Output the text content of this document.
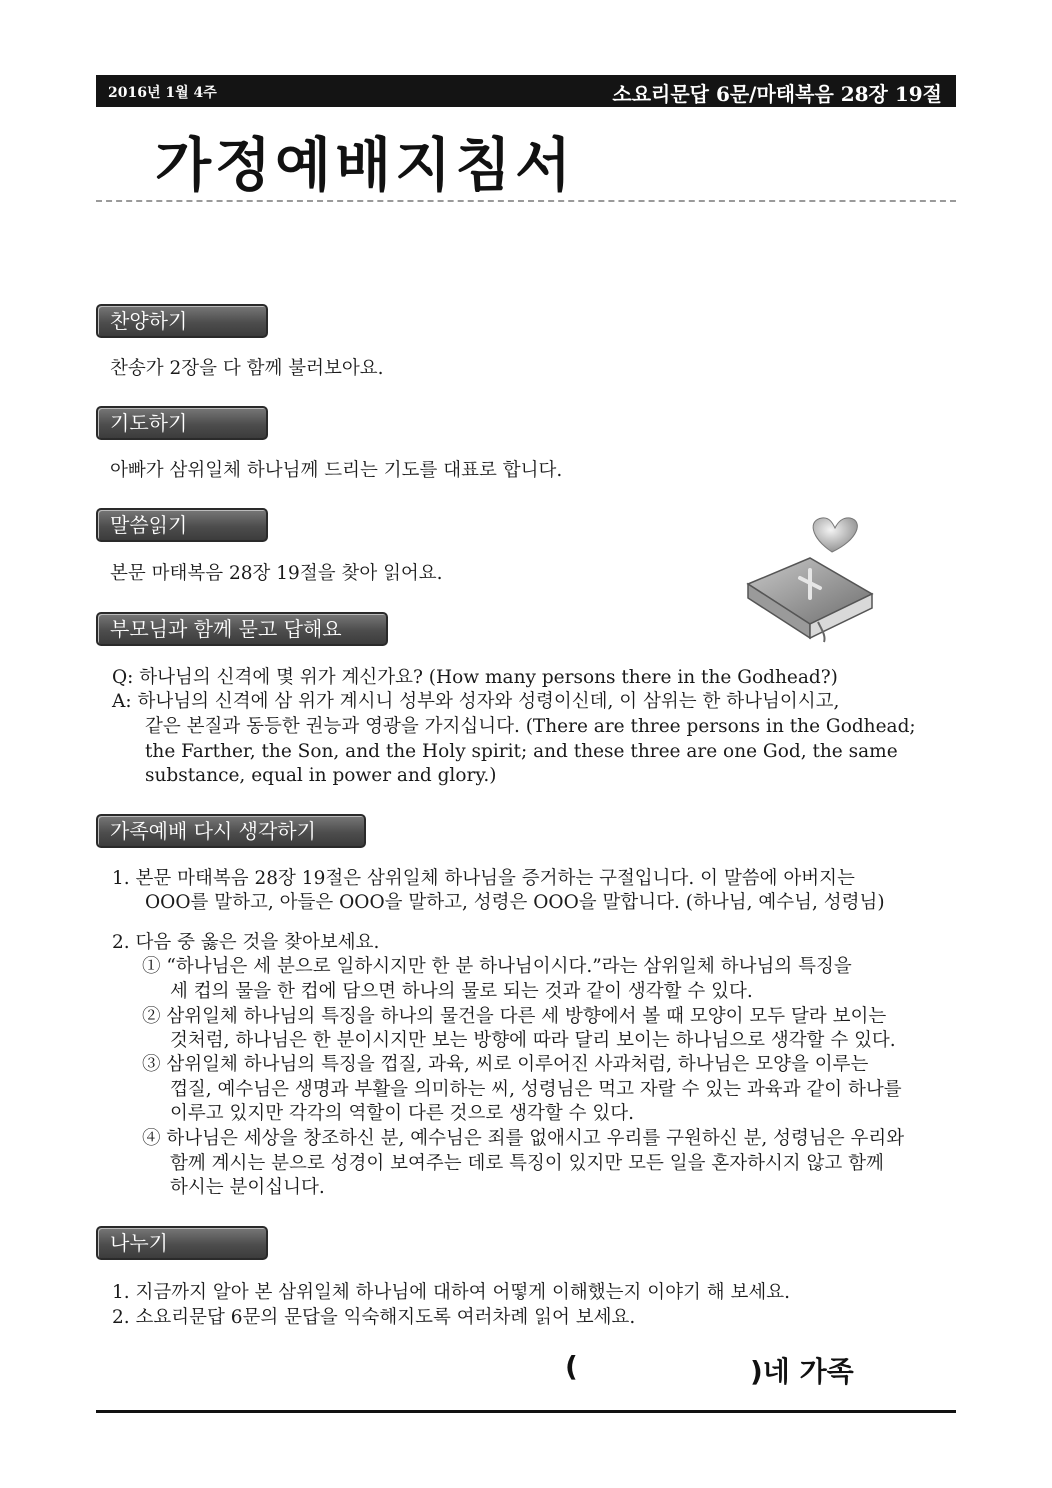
2016년 1월 4주	소요리문답 6문/마태복음 28장 19절
가정예배지침서
찬양하기
찬송가 2장을 다 함께 불러보아요.
기도하기
아빠가 삼위일체 하나님께 드리는 기도를 대표로 합니다.
말씀읽기
본문 마태복음 28장 19절을 찾아 읽어요.
부모님과 함께 묻고 답해요
Q: 하나님의 신격에 몇 위가 계신가요? (How many persons there in the Godhead?)
A: 하나님의 신격에 삼 위가 계시니 성부와 성자와 성령이신데, 이 삼위는 한 하나님이시고,
같은 본질과 동등한 권능과 영광을 가지십니다. (There are three persons in the Godhead;
the Farther, the Son, and the Holy spirit; and these three are one God, the same
substance, equal in power and glory.)
가족예배 다시 생각하기
1. 본문 마태복음 28장 19절은 삼위일체 하나님을 증거하는 구절입니다. 이 말씀에 아버지는
OOO를 말하고, 아들은 OOO을 말하고, 성령은 OOO을 말합니다. (하나님, 예수님, 성령님)
2. 다음 중 옳은 것을 찾아보세요.
① “하나님은 세 분으로 일하시지만 한 분 하나님이시다.”라는 삼위일체 하나님의 특징을
세 컵의 물을 한 컵에 담으면 하나의 물로 되는 것과 같이 생각할 수 있다.
② 삼위일체 하나님의 특징을 하나의 물건을 다른 세 방향에서 볼 때 모양이 모두 달라 보이는
것처럼, 하나님은 한 분이시지만 보는 방향에 따라 달리 보이는 하나님으로 생각할 수 있다.
③ 삼위일체 하나님의 특징을 껍질, 과육, 씨로 이루어진 사과처럼, 하나님은 모양을 이루는
껍질, 예수님은 생명과 부활을 의미하는 씨, 성령님은 먹고 자랄 수 있는 과육과 같이 하나를
이루고 있지만 각각의 역할이 다른 것으로 생각할 수 있다.
④ 하나님은 세상을 창조하신 분, 예수님은 죄를 없애시고 우리를 구원하신 분, 성령님은 우리와
함께 계시는 분으로 성경이 보여주는 데로 특징이 있지만 모든 일을 혼자하시지 않고 함께
하시는 분이십니다.
나누기
1. 지금까지 알아 본 삼위일체 하나님에 대하여 어떻게 이해했는지 이야기 해 보세요.
2. 소요리문답 6문의 문답을 익숙해지도록 여러차례 읽어 보세요.
(	)네 가족
